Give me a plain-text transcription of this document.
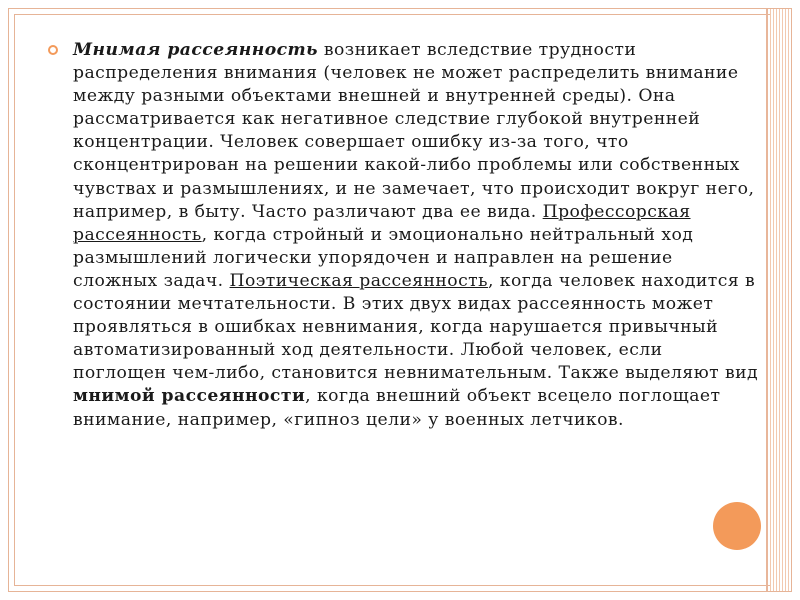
Мнимая рассеянность возникает вследствие трудности распределения внимания (человек не может распределить внимание между разными объектами внешней и внутренней среды). Она рассматривается как негативное следствие глубокой внутренней концентрации. Человек совершает ошибку из-за того, что сконцентрирован на решении какой-либо проблемы или собственных чувствах и размышлениях, и не замечает, что происходит вокруг него, например, в быту. Часто различают два ее вида. Профессорская рассеянность, когда стройный и эмоционально нейтральный ход размышлений логически упорядочен и направлен на решение сложных задач. Поэтическая рассеянность, когда человек находится в состоянии мечтательности. В этих двух видах рассеянность может проявляться в ошибках невнимания, когда нарушается привычный автоматизированный ход деятельности. Любой человек, если поглощен чем-либо, становится невнимательным. Также выделяют вид мнимой рассеянности, когда внешний объект всецело поглощает внимание, например, «гипноз цели» у военных летчиков.
